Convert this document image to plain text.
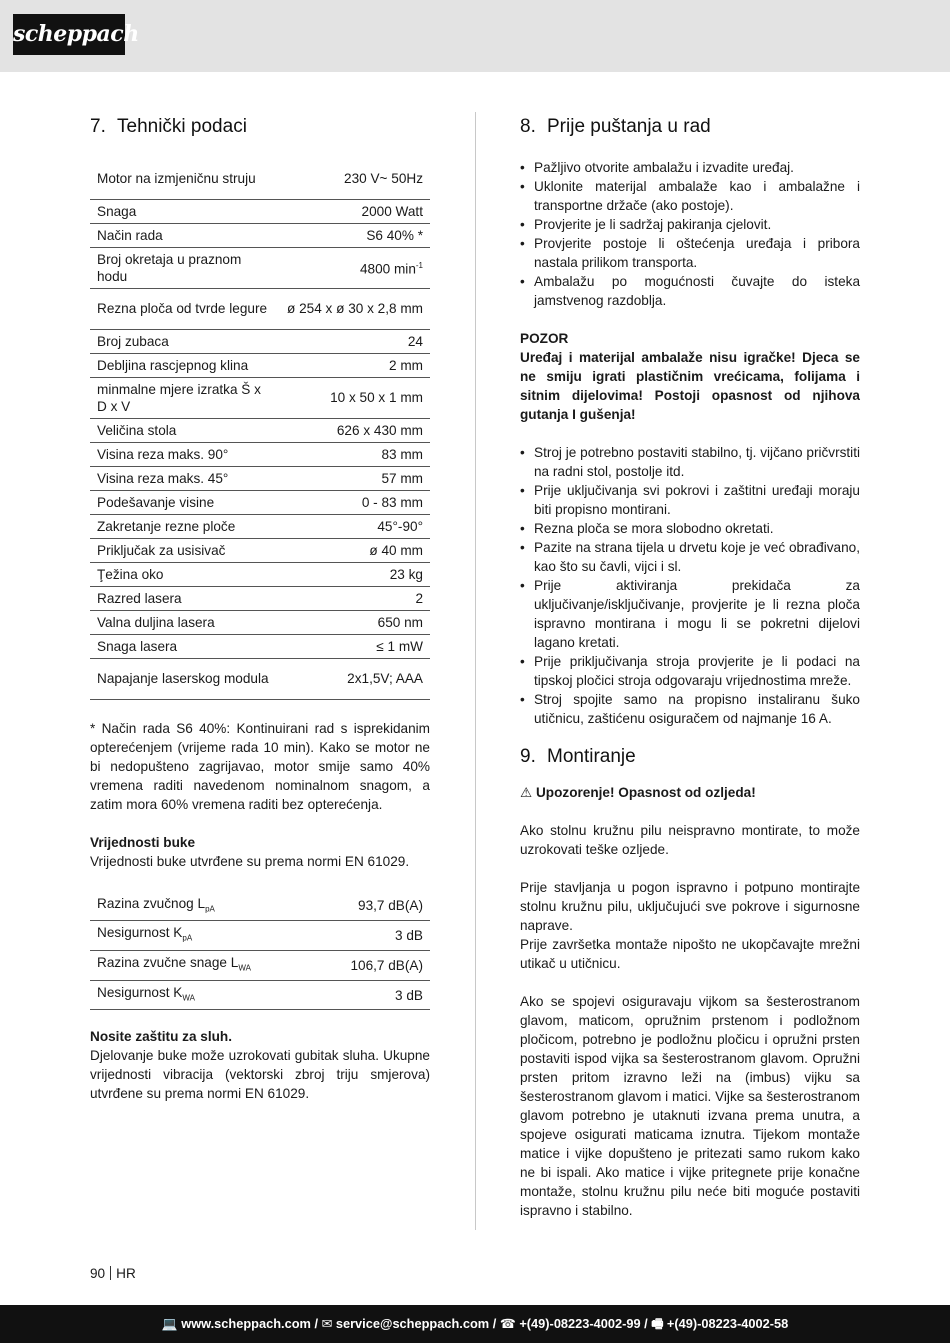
scheppach
7. Tehnički podaci
Motor na izmjeničnu struju	230 V~ 50Hz
Snaga	2000 Watt
Način rada	S6 40% *
Broj okretaja u praznom hodu	4800 $\min^{-1}$
Rezna ploča od tvrde legure	ø 254 x ø 30 x 2,8 mm
Broj zubaca	24
Debljina rascjepnog klina	2 mm
minmalne mjere izratka Š x D x V	10 x 50 x 1 mm
Veličina stola	626 x 430 mm
Visina reza maks. 90°	83 mm
Visina reza maks. 45°	57 mm
Podešavanje visine	0 - 83 mm
Zakretanje rezne ploče	45°-90°
Priključak za usisivač	ø 40 mm
Ţežina oko	23 kg
Razred lasera	2
Valna duljina lasera	650 nm
Snaga lasera	≤ 1 mW
Napajanje laserskog modula	2x1,5V; AAA

* Način rada S6 40%: Kontinuirani rad s isprekidanim opterećenjem (vrijeme rada 10 min). Kako se motor ne bi nedopušteno zagrijavao, motor smije samo 40% vremena raditi navedenom nominalnom snagom, a zatim mora 60% vremena raditi bez opterećenja.

Vrijednosti buke

Vrijednosti buke utvrđene su prema normi EN 61029.

Razina zvučnog $L_{pA}$	93,7 dB(A)
Nesigurnost $K_{pA}$	3 dB
Razina zvučne snage $L_{WA}$	106,7 dB(A)
Nesigurnost $K_{WA}$	3 dB

Nosite zaštitu za sluh.

Djelovanje buke može uzrokovati gubitak sluha. Ukupne vrijednosti vibracija (vektorski zbroj triju smjerova) utvrđene su prema normi EN 61029.

8. Prije puštanja u rad
• Pažljivo otvorite ambalažu i izvadite uređaj.
• Uklonite materijal ambalaže kao i ambalažne i transportne držače (ako postoje).
• Provjerite je li sadržaj pakiranja cjelovit.
• Provjerite postoje li oštećenja uređaja i pribora nastala prilikom transporta.
• Ambalažu po mogućnosti čuvajte do isteka jamstvenog razdoblja.

POZOR

Uređaj i materijal ambalaže nisu igračke! Djeca se ne smiju igrati plastičnim vrećicama, folijama i sitnim dijelovima! Postoji opasnost od njihova gutanja I gušenja!

• Stroj je potrebno postaviti stabilno, tj. vijčano pričvrstiti na radni stol, postolje itd.
• Prije uključivanja svi pokrovi i zaštitni uređaji moraju biti propisno montirani.
• Rezna ploča se mora slobodno okretati.
• Pazite na strana tijela u drvetu koje je već obrađivano, kao što su čavli, vijci i sl.
• Prije aktiviranja prekidača za uključivanje/isključivanje, provjerite je li rezna ploča ispravno montirana i mogu li se pokretni dijelovi lagano kretati.
• Prije priključivanja stroja provjerite je li podaci na tipskoj pločici stroja odgovaraju vrijednostima mreže.
• Stroj spojite samo na propisno instaliranu šuko utičnicu, zaštićenu osiguračem od najmanje 16 A.
9. Montiranje

⚠ Upozorenje! Opasnost od ozljeda!

Ako stolnu kružnu pilu neispravno montirate, to može uzrokovati teške ozljede.

Prije stavljanja u pogon ispravno i potpuno montirajte stolnu kružnu pilu, uključujući sve pokrove i sigurnosne naprave.

Prije završetka montaže nipošto ne ukopčavajte mrežni utikač u utičnicu.

Ako se spojevi osiguravaju vijkom sa šesterostranom glavom, maticom, opružnim prstenom i podložnom pločicom, potrebno je podložnu pločicu i opružni prsten postaviti ispod vijka sa šesterostranom glavom. Opružni prsten pritom izravno leži na (imbus) vijku sa šesterostranom glavom i matici. Vijke sa šesterostranom glavom potrebno je utaknuti izvana prema unutra, a spojeve osigurati maticama iznutra. Tijekom montaže matice i vijke dopušteno je pritezati samo rukom kako ne bi ispali. Ako matice i vijke pritegnete prije konačne montaže, stolnu kružnu pilu neće biti moguće postaviti ispravno i stabilno.

90 HR
💻 www.scheppach.com / ✉ service@scheppach.com / ☎ +(49)-08223-4002-99 / 🖷 +(49)-08223-4002-58
